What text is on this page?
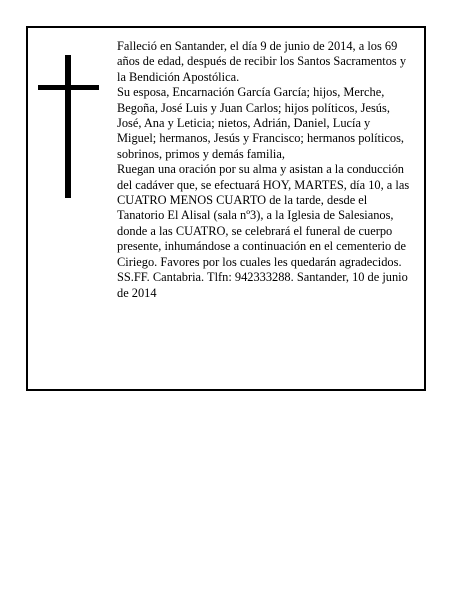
Falleció en Santander, el día 9 de junio de 2014, a los 69 años de edad, después de recibir los Santos Sacramentos y la Bendición Apostólica.

Su esposa, Encarnación García García; hijos, Merche, Begoña, José Luis y Juan Carlos; hijos políticos, Jesús, José, Ana y Leticia; nietos, Adrián, Daniel, Lucía y Miguel; hermanos, Jesús y Francisco; hermanos políticos, sobrinos, primos y demás familia,

Ruegan una oración por su alma y asistan a la conducción del cadáver que, se efectuará HOY, MARTES, día 10, a las CUATRO MENOS CUARTO de la tarde, desde el Tanatorio El Alisal (sala nº3), a la Iglesia de Salesianos, donde a las CUATRO, se celebrará el funeral de cuerpo presente, inhumándose a continuación en el cementerio de Ciriego. Favores por los cuales les quedarán agradecidos.

SS.FF. Cantabria. Tlfn: 942333288. Santander, 10 de junio de 2014
